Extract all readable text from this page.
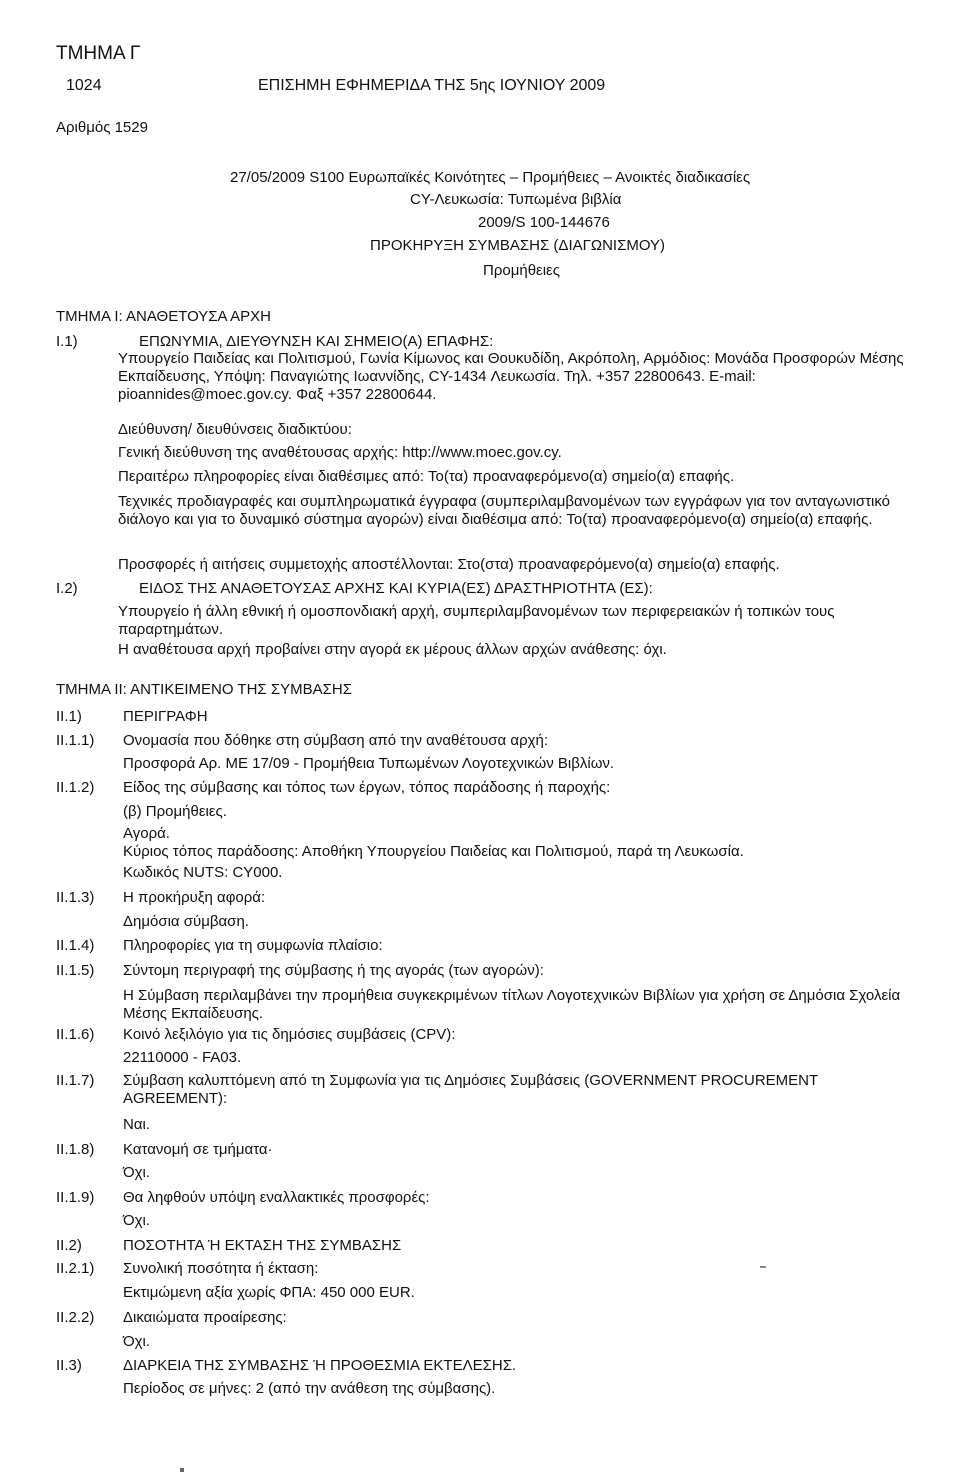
ΤΜΗΜΑ Γ
1024	ΕΠΙΣΗΜΗ ΕΦΗΜΕΡΙΔΑ ΤΗΣ 5ης ΙΟΥΝΙΟΥ 2009
Αριθμός 1529
27/05/2009 S100 Ευρωπαϊκές Κοινότητες – Προμήθειες – Ανοικτές διαδικασίες
CY-Λευκωσία: Τυπωμένα βιβλία
2009/S 100-144676
ΠΡΟΚΗΡΥΞΗ ΣΥΜΒΑΣΗΣ (ΔΙΑΓΩΝΙΣΜΟΥ)
Προμήθειες
ΤΜΗΜΑ Ι: ΑΝΑΘΕΤΟΥΣΑ ΑΡΧΗ
Ι.1)	ΕΠΩΝΥΜΙΑ, ΔΙΕΥΘΥΝΣΗ ΚΑΙ ΣΗΜΕΙΟ(Α) ΕΠΑΦΗΣ:
Υπουργείο Παιδείας και Πολιτισμού, Γωνία Κίμωνος και Θουκυδίδη, Ακρόπολη, Αρμόδιος: Μονάδα Προσφορών Μέσης Εκπαίδευσης, Υπόψη: Παναγιώτης Ιωαννίδης, CY-1434 Λευκωσία. Τηλ. +357 22800643. E-mail: pioannides@moec.gov.cy. Φαξ +357 22800644.
Διεύθυνση/ διευθύνσεις διαδικτύου:
Γενική διεύθυνση της αναθέτουσας αρχής: http://www.moec.gov.cy.
Περαιτέρω πληροφορίες είναι διαθέσιμες από: Το(τα) προαναφερόμενο(α) σημείο(α) επαφής.
Τεχνικές προδιαγραφές και συμπληρωματικά έγγραφα (συμπεριλαμβανομένων των εγγράφων για τον ανταγωνιστικό διάλογο και για το δυναμικό σύστημα αγορών) είναι διαθέσιμα από: Το(τα) προαναφερόμενο(α) σημείο(α) επαφής.
Προσφορές ή αιτήσεις συμμετοχής αποστέλλονται: Στο(στα) προαναφερόμενο(α) σημείο(α) επαφής.
Ι.2)	ΕΙΔΟΣ ΤΗΣ ΑΝΑΘΕΤΟΥΣΑΣ ΑΡΧΗΣ ΚΑΙ ΚΥΡΙΑ(ΕΣ) ΔΡΑΣΤΗΡΙΟΤΗΤΑ (ΕΣ):
Υπουργείο ή άλλη εθνική ή ομοσπονδιακή αρχή, συμπεριλαμβανομένων των περιφερειακών ή τοπικών τους παραρτημάτων.
Η αναθέτουσα αρχή προβαίνει στην αγορά εκ μέρους άλλων αρχών ανάθεσης: όχι.
ΤΜΗΜΑ ΙΙ: ΑΝΤΙΚΕΙΜΕΝΟ ΤΗΣ ΣΥΜΒΑΣΗΣ
ΙΙ.1)	ΠΕΡΙΓΡΑΦΗ
ΙΙ.1.1) Ονομασία που δόθηκε στη σύμβαση από την αναθέτουσα αρχή:
Προσφορά Αρ. ΜΕ 17/09 - Προμήθεια Τυπωμένων Λογοτεχνικών Βιβλίων.
ΙΙ.1.2) Είδος της σύμβασης και τόπος των έργων, τόπος παράδοσης ή παροχής:
(β) Προμήθειες.
Αγορά.
Κύριος τόπος παράδοσης: Αποθήκη Υπουργείου Παιδείας και Πολιτισμού, παρά τη Λευκωσία.
Κωδικός NUTS: CY000.
ΙΙ.1.3) Η προκήρυξη αφορά:
Δημόσια σύμβαση.
ΙΙ.1.4) Πληροφορίες για τη συμφωνία πλαίσιο:
ΙΙ.1.5) Σύντομη περιγραφή της σύμβασης ή της αγοράς (των αγορών):
Η Σύμβαση περιλαμβάνει την προμήθεια συγκεκριμένων τίτλων Λογοτεχνικών Βιβλίων για χρήση σε Δημόσια Σχολεία Μέσης Εκπαίδευσης.
ΙΙ.1.6) Κοινό λεξιλόγιο για τις δημόσιες συμβάσεις (CPV):
22110000 - FA03.
ΙΙ.1.7) Σύμβαση καλυπτόμενη από τη Συμφωνία για τις Δημόσιες Συμβάσεις (GOVERNMENT PROCUREMENT AGREEMENT):
Ναι.
ΙΙ.1.8) Κατανομή σε τμήματα·
Όχι.
ΙΙ.1.9) Θα ληφθούν υπόψη εναλλακτικές προσφορές:
Όχι.
ΙΙ.2)	ΠΟΣΟΤΗΤΑ Ή ΕΚΤΑΣΗ ΤΗΣ ΣΥΜΒΑΣΗΣ
ΙΙ.2.1) Συνολική ποσότητα ή έκταση:
Εκτιμώμενη αξία χωρίς ΦΠΑ: 450 000 EUR.
ΙΙ.2.2) Δικαιώματα προαίρεσης:
Όχι.
ΙΙ.3)	ΔΙΑΡΚΕΙΑ ΤΗΣ ΣΥΜΒΑΣΗΣ Ή ΠΡΟΘΕΣΜΙΑ ΕΚΤΕΛΕΣΗΣ.
Περίοδος σε μήνες: 2 (από την ανάθεση της σύμβασης).
